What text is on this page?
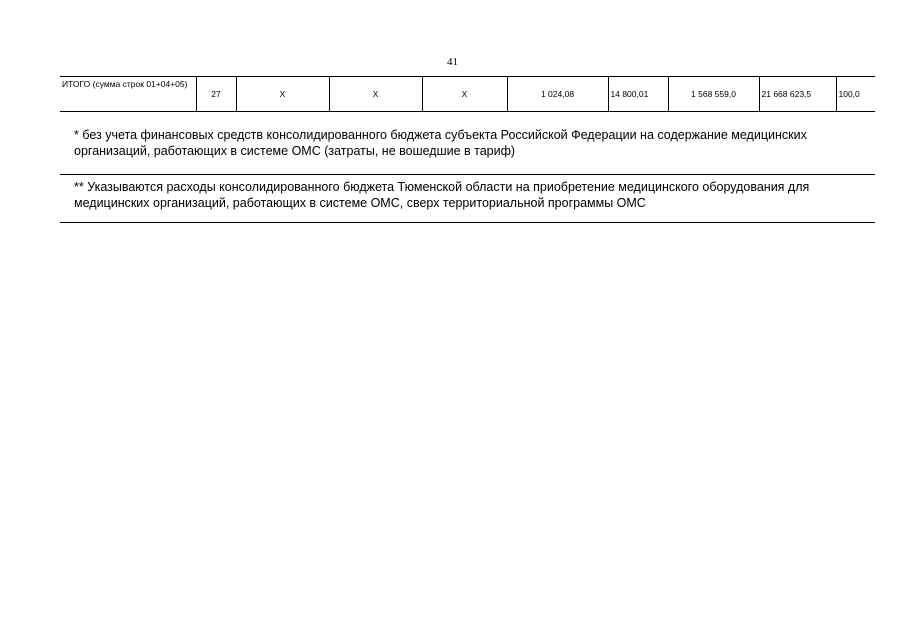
41
ИТОГО (сумма строк 01+04+05)	27	Х	Х	Х	1 024,08	14 800,01	1 568 559,0	21 668 623,5	100,0
* без учета финансовых средств консолидированного бюджета субъекта Российской Федерации на содержание медицинских организаций, работающих в системе ОМС (затраты, не вошедшие в тариф)
** Указываются расходы консолидированного бюджета Тюменской области на приобретение медицинского оборудования для медицинских организаций, работающих в системе ОМС, сверх территориальной программы ОМС
